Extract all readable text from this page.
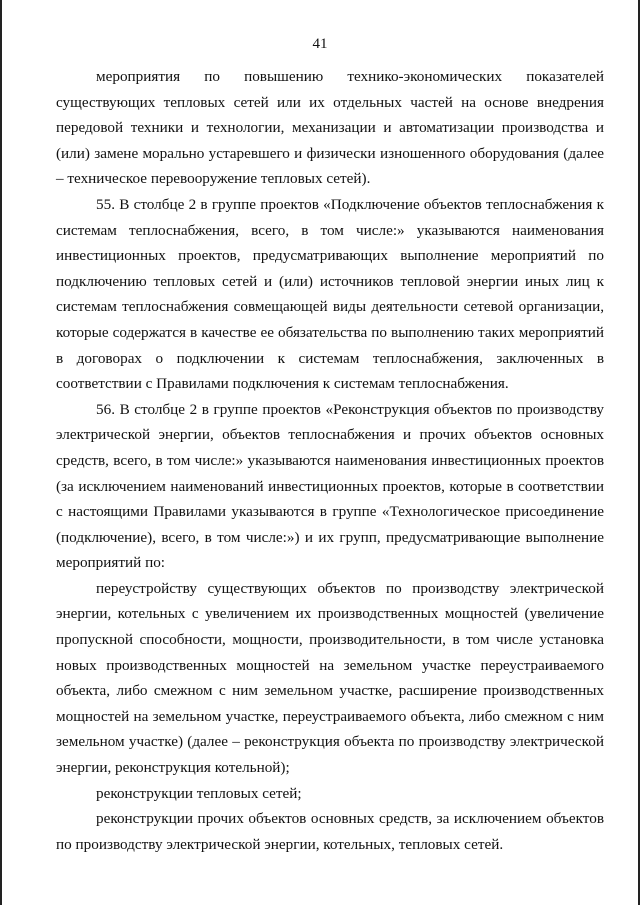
41

мероприятия по повышению технико-экономических показателей существующих тепловых сетей или их отдельных частей на основе внедрения передовой техники и технологии, механизации и автоматизации производства и (или) замене морально устаревшего и физически изношенного оборудования (далее – техническое перевооружение тепловых сетей).

55. В столбце 2 в группе проектов «Подключение объектов теплоснабжения к системам теплоснабжения, всего, в том числе:» указываются наименования инвестиционных проектов, предусматривающих выполнение мероприятий по подключению тепловых сетей и (или) источников тепловой энергии иных лиц к системам теплоснабжения совмещающей виды деятельности сетевой организации, которые содержатся в качестве ее обязательства по выполнению таких мероприятий в договорах о подключении к системам теплоснабжения, заключенных в соответствии с Правилами подключения к системам теплоснабжения.

56. В столбце 2 в группе проектов «Реконструкция объектов по производству электрической энергии, объектов теплоснабжения и прочих объектов основных средств, всего, в том числе:» указываются наименования инвестиционных проектов (за исключением наименований инвестиционных проектов, которые в соответствии с настоящими Правилами указываются в группе «Технологическое присоединение (подключение), всего, в том числе:») и их групп, предусматривающие выполнение мероприятий по:

переустройству существующих объектов по производству электрической энергии, котельных с увеличением их производственных мощностей (увеличение пропускной способности, мощности, производительности, в том числе установка новых производственных мощностей на земельном участке переустраиваемого объекта, либо смежном с ним земельном участке, расширение производственных мощностей на земельном участке, переустраиваемого объекта, либо смежном с ним земельном участке) (далее – реконструкция объекта по производству электрической энергии, реконструкция котельной);

реконструкции тепловых сетей;

реконструкции прочих объектов основных средств, за исключением объектов по производству электрической энергии, котельных, тепловых сетей.
